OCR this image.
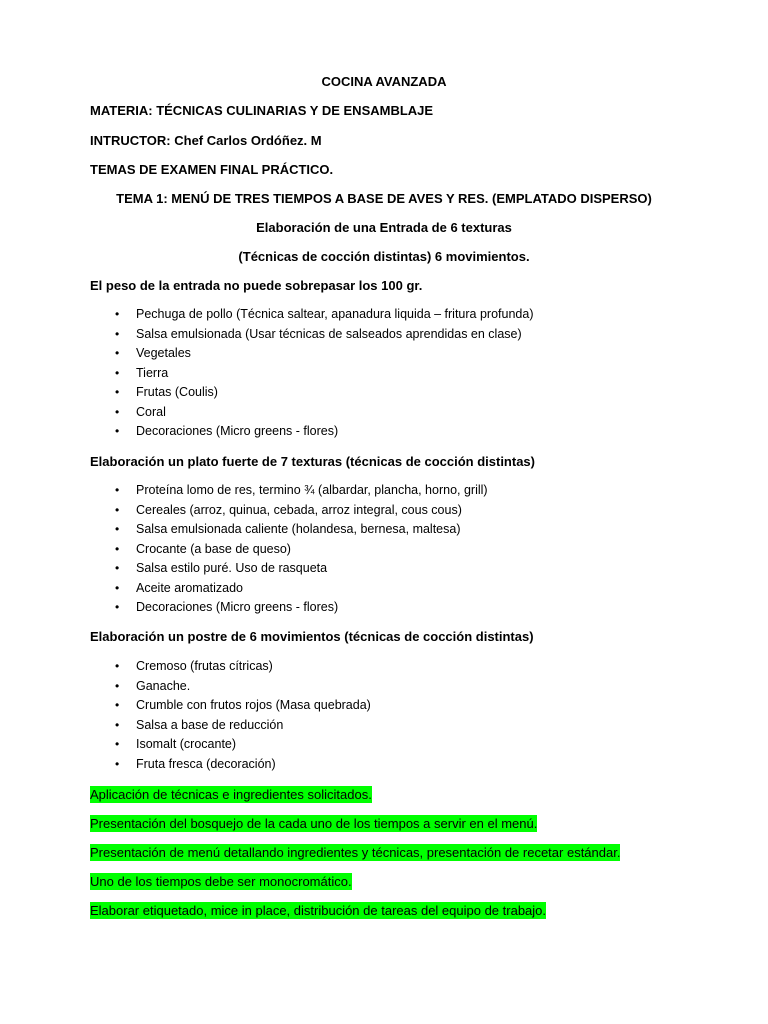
COCINA AVANZADA
MATERIA: TÉCNICAS CULINARIAS Y DE ENSAMBLAJE
INTRUCTOR: Chef Carlos Ordóñez. M
TEMAS DE EXAMEN FINAL PRÁCTICO.
TEMA 1: MENÚ DE TRES TIEMPOS A BASE DE AVES Y RES. (EMPLATADO DISPERSO)
Elaboración de una Entrada de 6 texturas
(Técnicas de cocción distintas) 6 movimientos.
El peso de la entrada no puede sobrepasar los 100 gr.
• Pechuga de pollo (Técnica saltear, apanadura liquida – fritura profunda)
• Salsa emulsionada (Usar técnicas de salseados aprendidas en clase)
• Vegetales
• Tierra
• Frutas (Coulis)
• Coral
• Decoraciones (Micro greens - flores)
Elaboración un plato fuerte de 7 texturas (técnicas de cocción distintas)
• Proteína lomo de res, termino ¾ (albardar, plancha, horno, grill)
• Cereales (arroz, quinua, cebada, arroz integral, cous cous)
• Salsa emulsionada caliente (holandesa, bernesa, maltesa)
• Crocante (a base de queso)
• Salsa estilo puré. Uso de rasqueta
• Aceite aromatizado
• Decoraciones (Micro greens - flores)
Elaboración un postre de 6 movimientos (técnicas de cocción distintas)
• Cremoso (frutas cítricas)
• Ganache.
• Crumble con frutos rojos (Masa quebrada)
• Salsa a base de reducción
• Isomalt (crocante)
• Fruta fresca (decoración)
Aplicación de técnicas e ingredientes solicitados.
Presentación del bosquejo de la cada uno de los tiempos a servir en el menú.
Presentación de menú detallando ingredientes y técnicas, presentación de recetar estándar.
Uno de los tiempos debe ser monocromático.
Elaborar etiquetado, mice in place, distribución de tareas del equipo de trabajo.
